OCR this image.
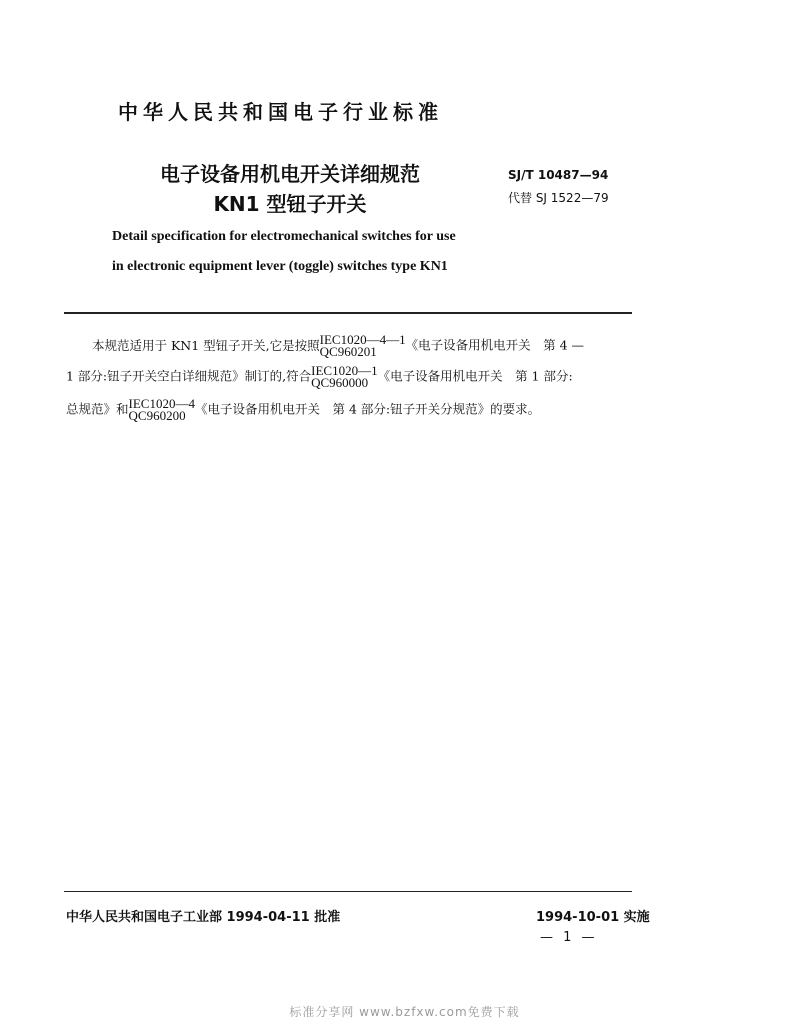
中华人民共和国电子行业标准
电子设备用机电开关详细规范
KN1 型钮子开关
SJ/T 10487—94
代替 SJ 1522—79
Detail specification for electromechanical switches for use
in electronic equipment lever (toggle) switches type KN1
本规范适用于 KN1 型钮子开关,它是按照 IEC1020—4—1
QC960201	《电子设备用机电开关　第 4 —
1 部分:钮子开关空白详细规范》制订的,符合 IEC1020—1
QC960000 《电子设备用机电开关　第 1 部分:
总规范》和 IEC1020—4
QC960200 《电子设备用机电开关　第 4 部分:钮子开关分规范》的要求。
中华人民共和国电子工业部 1994-04-11 批准	1994-10-01 实施
— 1 —
标准分享网 www.bzfxw.com免费下载
